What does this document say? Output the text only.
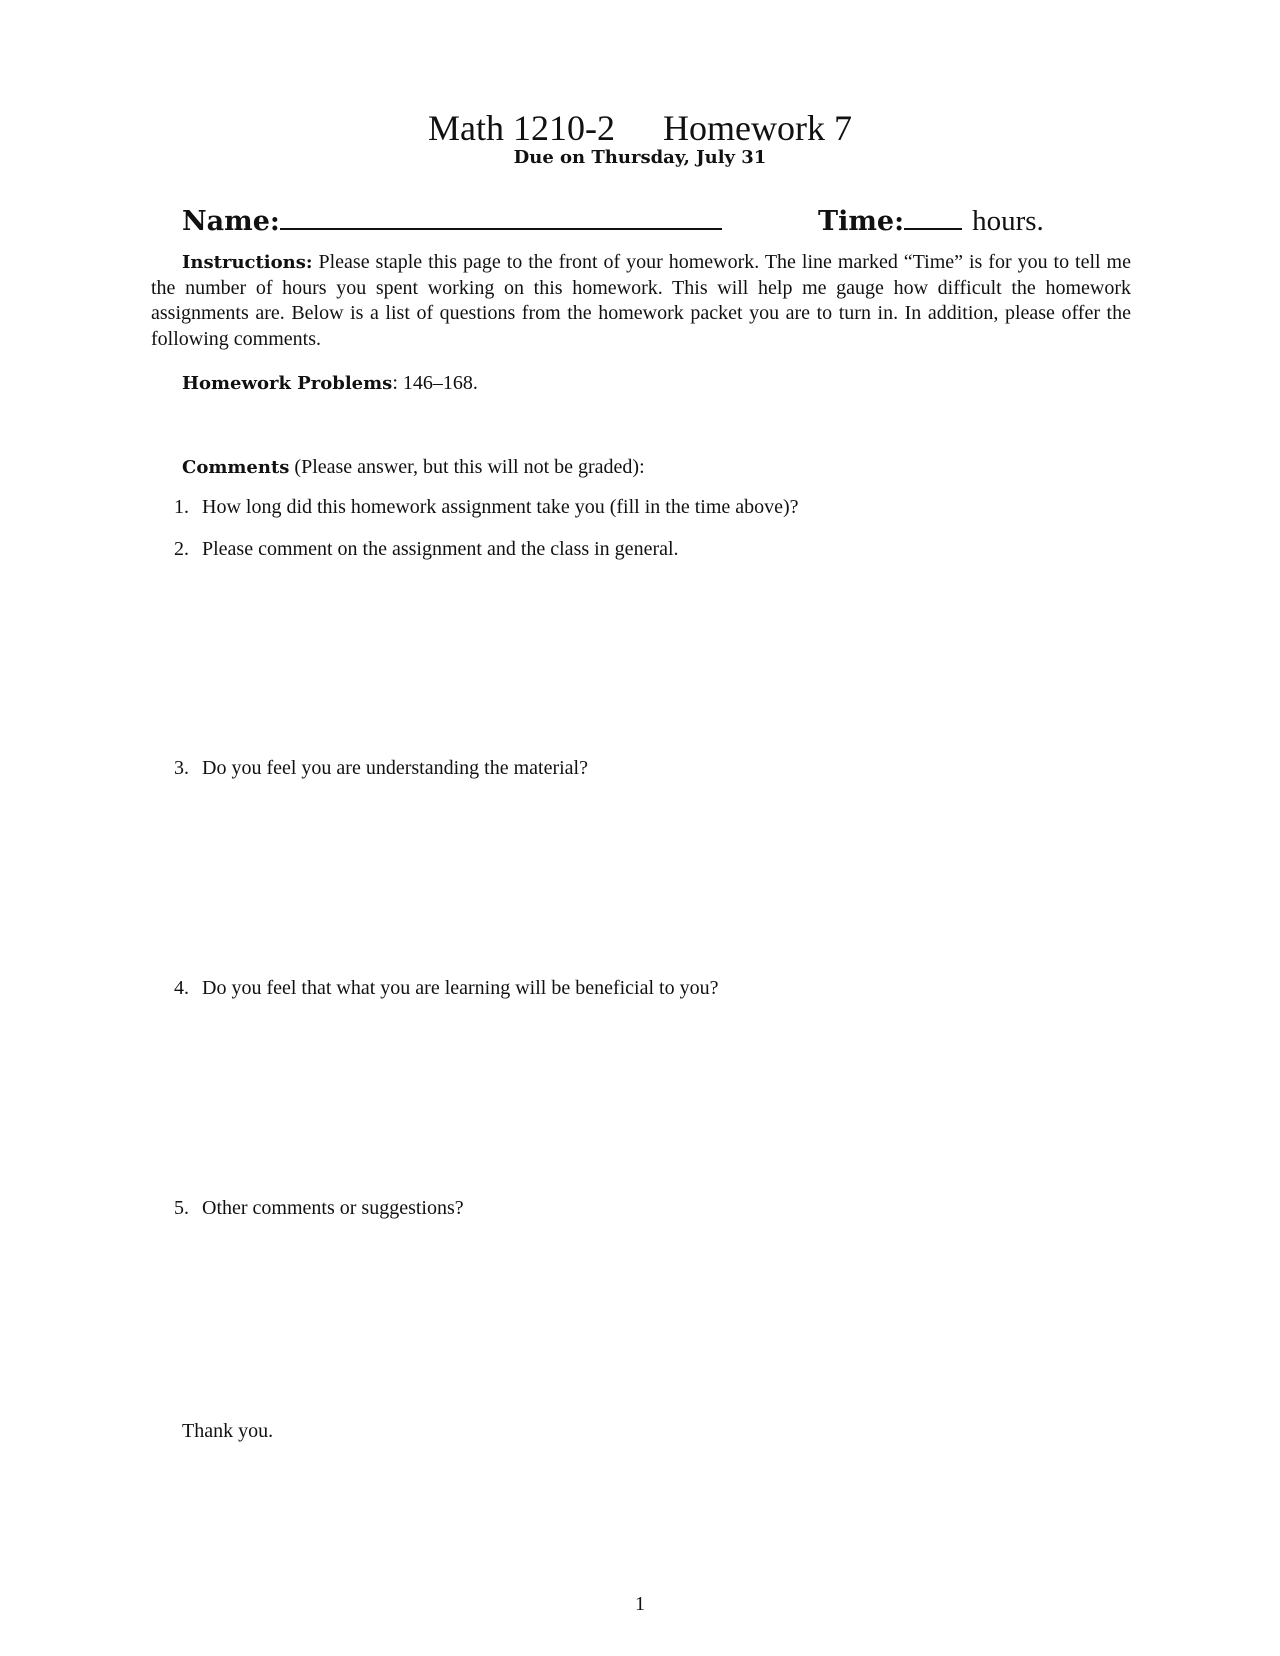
Math 1210-2 Homework 7
Due on Thursday, July 31
Name:	Time: hours.
Instructions: Please staple this page to the front of your homework. The line marked “Time” is for you to tell me the number of hours you spent working on this homework. This will help me gauge how difficult the homework assignments are. Below is a list of questions from the homework packet you are to turn in. In addition, please offer the following comments.
Homework Problems: 146–168.
Comments (Please answer, but this will not be graded):
1. How long did this homework assignment take you (fill in the time above)?
2. Please comment on the assignment and the class in general.
3. Do you feel you are understanding the material?
4. Do you feel that what you are learning will be beneficial to you?
5. Other comments or suggestions?
Thank you.
1
